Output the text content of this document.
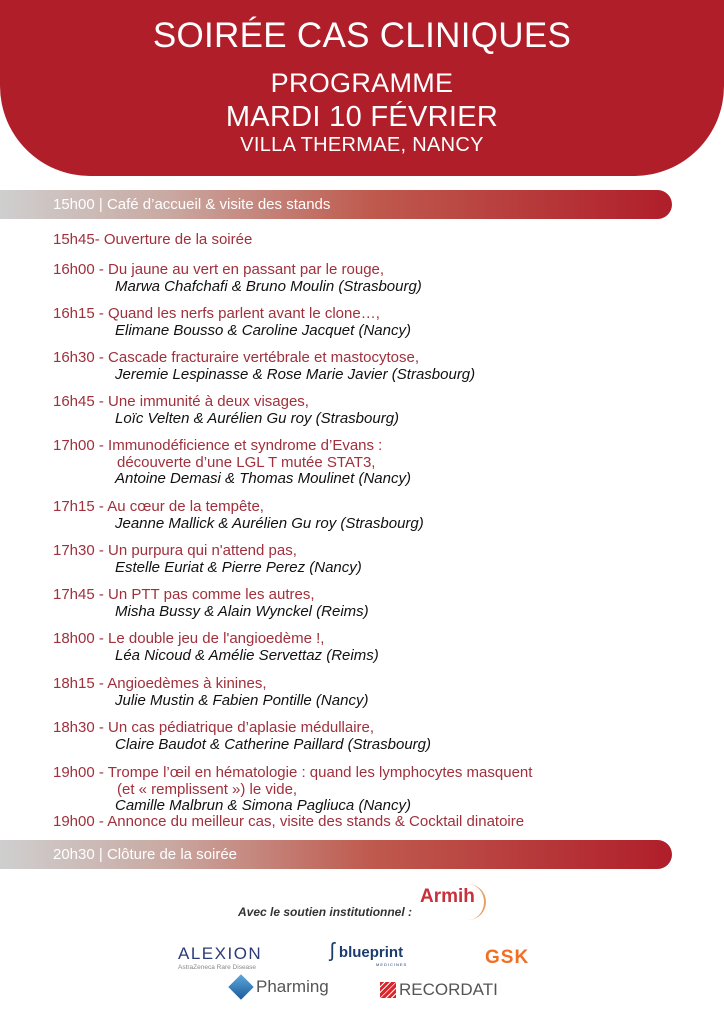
SOIRÉE CAS CLINIQUES
PROGRAMME
MARDI 10 FÉVRIER
VILLA THERMAE, NANCY
15h00 | Café d’accueil & visite des stands
15h45- Ouverture de la soirée
16h00 - Du jaune au vert en passant par le rouge,
Marwa Chafchafi & Bruno Moulin (Strasbourg)
16h15 - Quand les nerfs parlent avant le clone…,
Elimane Bousso & Caroline Jacquet (Nancy)
16h30 - Cascade fracturaire vertébrale et mastocytose,
Jeremie Lespinasse & Rose Marie Javier (Strasbourg)
16h45 - Une immunité à deux visages,
Loïc Velten & Aurélien Gu roy (Strasbourg)
17h00 - Immunodéficience et syndrome d’Evans :
découverte d’une LGL T mutée STAT3,
Antoine Demasi & Thomas Moulinet (Nancy)
17h15 - Au cœur de la tempête,
Jeanne Mallick & Aurélien Gu roy (Strasbourg)
17h30 - Un purpura qui n'attend pas,
Estelle Euriat & Pierre Perez (Nancy)
17h45 - Un PTT pas comme les autres,
Misha Bussy & Alain Wynckel (Reims)
18h00 - Le double jeu de l'angioedème !,
Léa Nicoud & Amélie Servettaz (Reims)
18h15 - Angioedèmes à kinines,
Julie Mustin & Fabien Pontille (Nancy)
18h30 - Un cas pédiatrique d’aplasie médullaire,
Claire Baudot & Catherine Paillard (Strasbourg)
19h00 - Trompe l’œil en hématologie : quand les lymphocytes masquent
(et « remplissent ») le vide,
Camille Malbrun & Simona Pagliuca (Nancy)
19h00 - Annonce du meilleur cas, visite des stands & Cocktail dinatoire
20h30 | Clôture de la soirée
Avec le soutien institutionnel :
Armih
ALEXION
AstraZeneca Rare Disease
ʃ blueprint
MEDICINES	GSK
Pharming	RECORDATI
